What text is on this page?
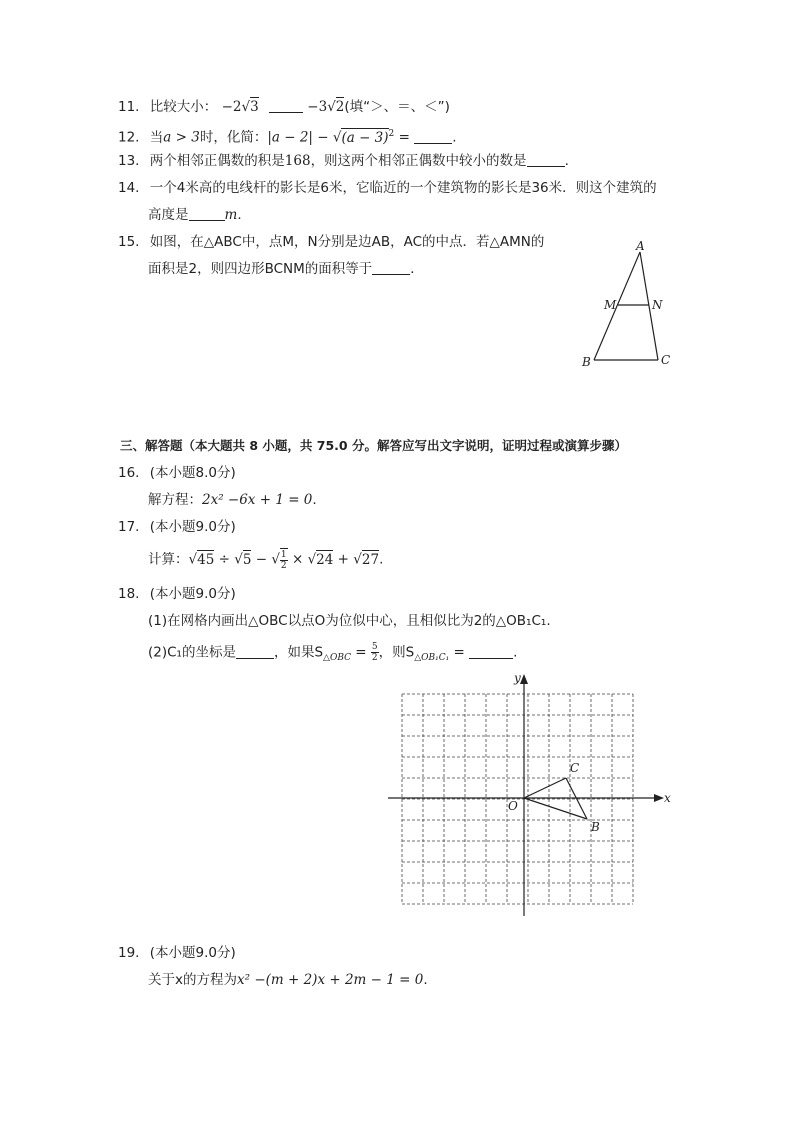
11. 比较大小： −2√3	−3√2(填“＞、＝、＜”)
12. 当a > 3时，化简：$|a - 2| - √(a - 3)^2$ =	.
13. 两个相邻正偶数的积是168，则这两个相邻正偶数中较小的数是	.
14. 一个4米高的电线杆的影长是6米，它临近的一个建筑物的影长是36米．则这个建筑的
高度是	m.
15. 如图，在△ABC中，点M，N分别是边AB，AC的中点．若△AMN的
面积是2，则四边形BCNM的面积等于	．
A
M	N
B	C
三、解答题（本大题共 8 小题，共 75.0 分。解答应写出文字说明，证明过程或演算步骤）
16. (本小题8.0分)
解方程：2x² −6x + 1 = 0.
17. (本小题9.0分)
计算：√45 ÷ √5 − √ $\frac{1}{2} \times √24 + √27$.
18. (本小题9.0分)
(1)在网格内画出△OBC以点O为位似中心，且相似比为2的△OB₁C₁.
(2)C₁的坐标是	，如果$S_{\triangle OBC} = \frac{5}{2}$ ，则$S_{\triangle OB_1C_1}$ =	.
x
y
O
C
B
19. (本小题9.0分)
关于x的方程为x² −(m + 2)x + 2m − 1 = 0.
